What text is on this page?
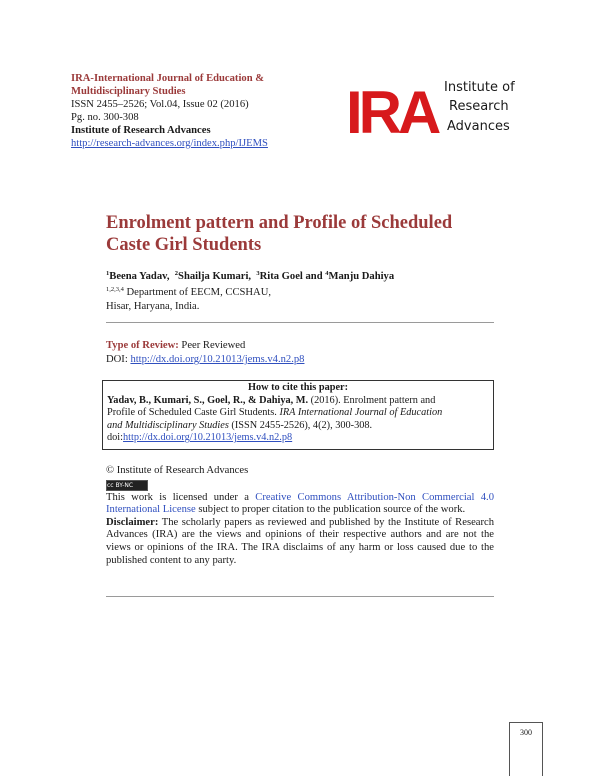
IRA-International Journal of Education &
Multidisciplinary Studies
ISSN 2455–2526; Vol.04, Issue 02 (2016)
Pg. no. 300-308
Institute of Research Advances
http://research-advances.org/index.php/IJEMS	IRA Institute of
Research
Advances
Enrolment pattern and Profile of Scheduled
Caste Girl Students
$^1$Beena Yadav, $^2$Shailja Kumari, $^3$Rita Goel and $^4$Manju Dahiya
$^{1,2,3,4}$ Department of EECM, CCSHAU,
Hisar, Haryana, India.
Type of Review: Peer Reviewed
DOI: http://dx.doi.org/10.21013/jems.v4.n2.p8
How to cite this paper:
Yadav, B., Kumari, S., Goel, R., & Dahiya, M. (2016). Enrolment pattern and
Profile of Scheduled Caste Girl Students. IRA International Journal of Education
and Multidisciplinary Studies (ISSN 2455-2526), 4(2), 300-308.
doi:http://dx.doi.org/10.21013/jems.v4.n2.p8
© Institute of Research Advances
cc BY-NC
This work is licensed under a Creative Commons Attribution-Non Commercial 4.0 International License subject to proper citation to the publication source of the work.
Disclaimer: The scholarly papers as reviewed and published by the Institute of Research Advances (IRA) are the views and opinions of their respective authors and are not the views or opinions of the IRA. The IRA disclaims of any harm or loss caused due to the published content to any party.
300
